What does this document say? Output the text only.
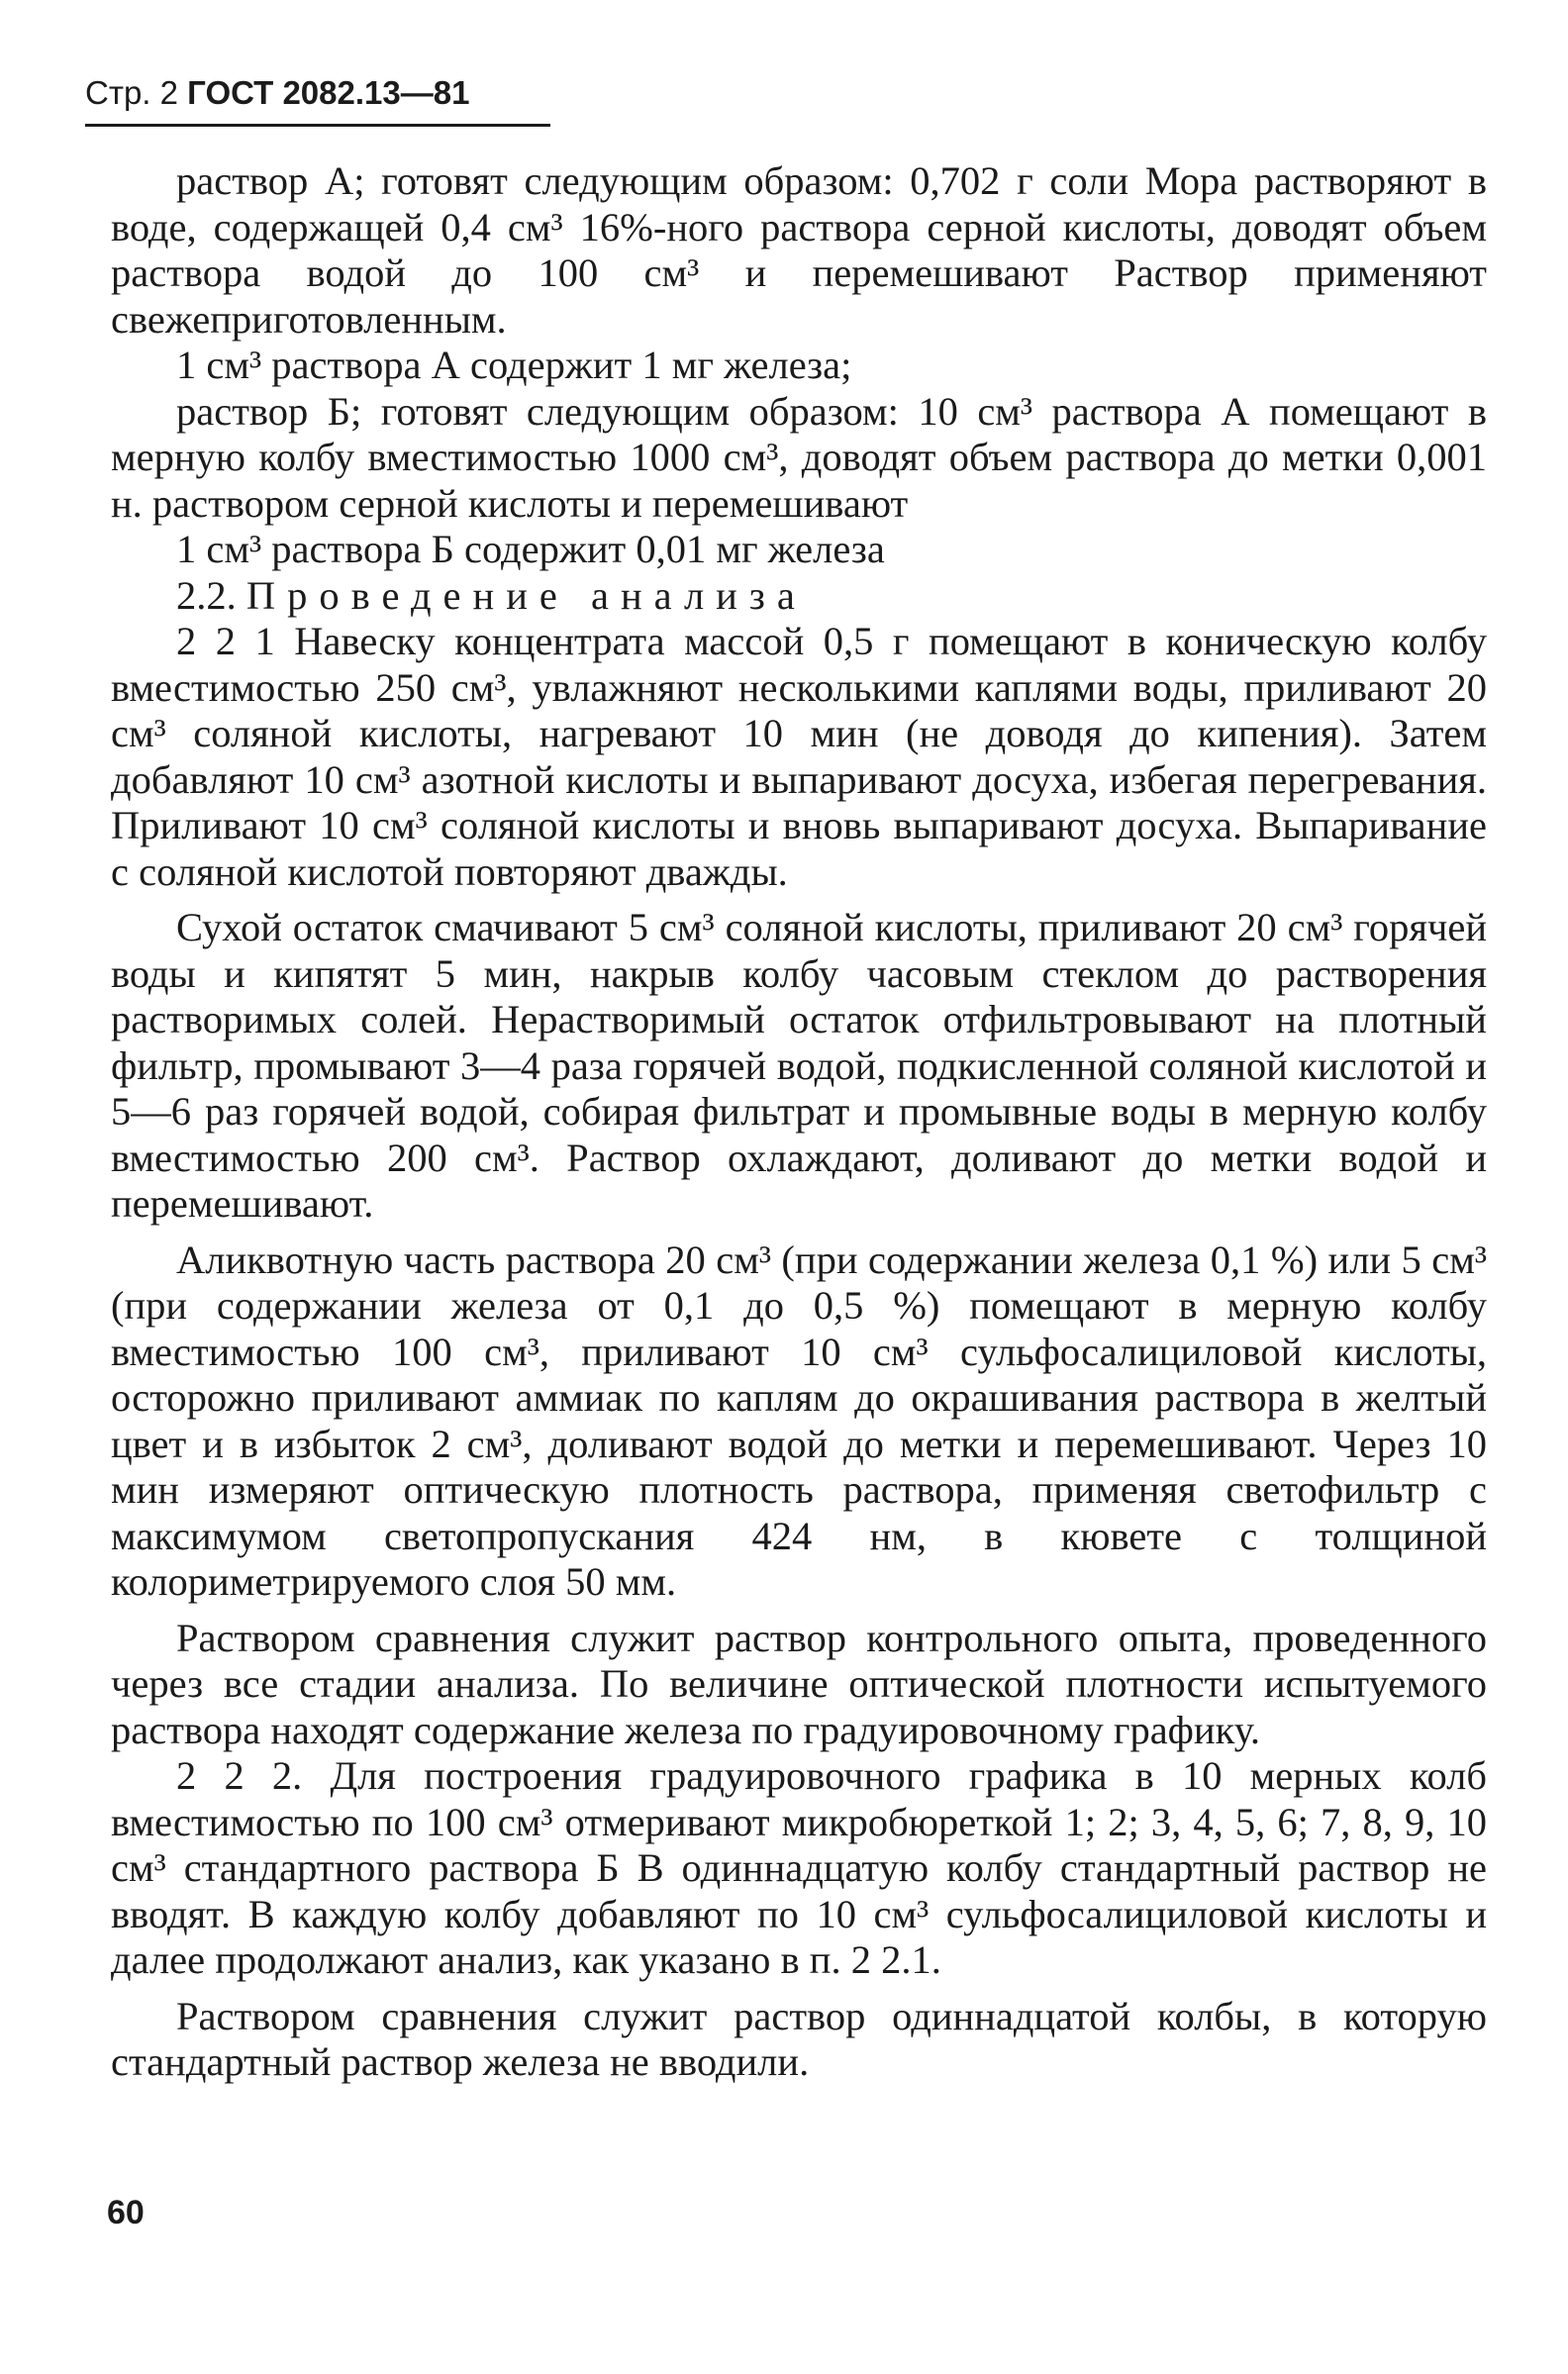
Стр. 2 ГОСТ 2082.13—81

раствор А; готовят следующим образом: 0,702 г соли Мора растворяют в воде, содержащей 0,4 см³ 16%-ного раствора серной кислоты, доводят объем раствора водой до 100 см³ и перемешивают Раствор применяют свежеприготовленным.

1 см³ раствора А содержит 1 мг железа;

раствор Б; готовят следующим образом: 10 см³ раствора А помещают в мерную колбу вместимостью 1000 см³, доводят объем раствора до метки 0,001 н. раствором серной кислоты и перемешивают

1 см³ раствора Б содержит 0,01 мг железа

2.2. Проведение анализа

2 2 1 Навеску концентрата массой 0,5 г помещают в коническую колбу вместимостью 250 см³, увлажняют несколькими каплями воды, приливают 20 см³ соляной кислоты, нагревают 10 мин (не доводя до кипения). Затем добавляют 10 см³ азотной кислоты и выпаривают досуха, избегая перегревания. Приливают 10 см³ соляной кислоты и вновь выпаривают досуха. Выпаривание с соляной кислотой повторяют дважды.

Сухой остаток смачивают 5 см³ соляной кислоты, приливают 20 см³ горячей воды и кипятят 5 мин, накрыв колбу часовым стеклом до растворения растворимых солей. Нерастворимый остаток отфильтровывают на плотный фильтр, промывают 3—4 раза горячей водой, подкисленной соляной кислотой и 5—6 раз горячей водой, собирая фильтрат и промывные воды в мерную колбу вместимостью 200 см³. Раствор охлаждают, доливают до метки водой и перемешивают.

Аликвотную часть раствора 20 см³ (при содержании железа 0,1 %) или 5 см³ (при содержании железа от 0,1 до 0,5 %) помещают в мерную колбу вместимостью 100 см³, приливают 10 см³ сульфосалициловой кислоты, осторожно приливают аммиак по каплям до окрашивания раствора в желтый цвет и в избыток 2 см³, доливают водой до метки и перемешивают. Через 10 мин измеряют оптическую плотность раствора, применяя светофильтр с максимумом светопропускания 424 нм, в кювете с толщиной колориметрируемого слоя 50 мм.

Раствором сравнения служит раствор контрольного опыта, проведенного через все стадии анализа. По величине оптической плотности испытуемого раствора находят содержание железа по градуировочному графику.

2 2 2. Для построения градуировочного графика в 10 мерных колб вместимостью по 100 см³ отмеривают микробюреткой 1; 2; 3, 4, 5, 6; 7, 8, 9, 10 см³ стандартного раствора Б В одиннадцатую колбу стандартный раствор не вводят. В каждую колбу добавляют по 10 см³ сульфосалициловой кислоты и далее продолжают анализ, как указано в п. 2 2.1.

Раствором сравнения служит раствор одиннадцатой колбы, в которую стандартный раствор железа не вводили.

60
